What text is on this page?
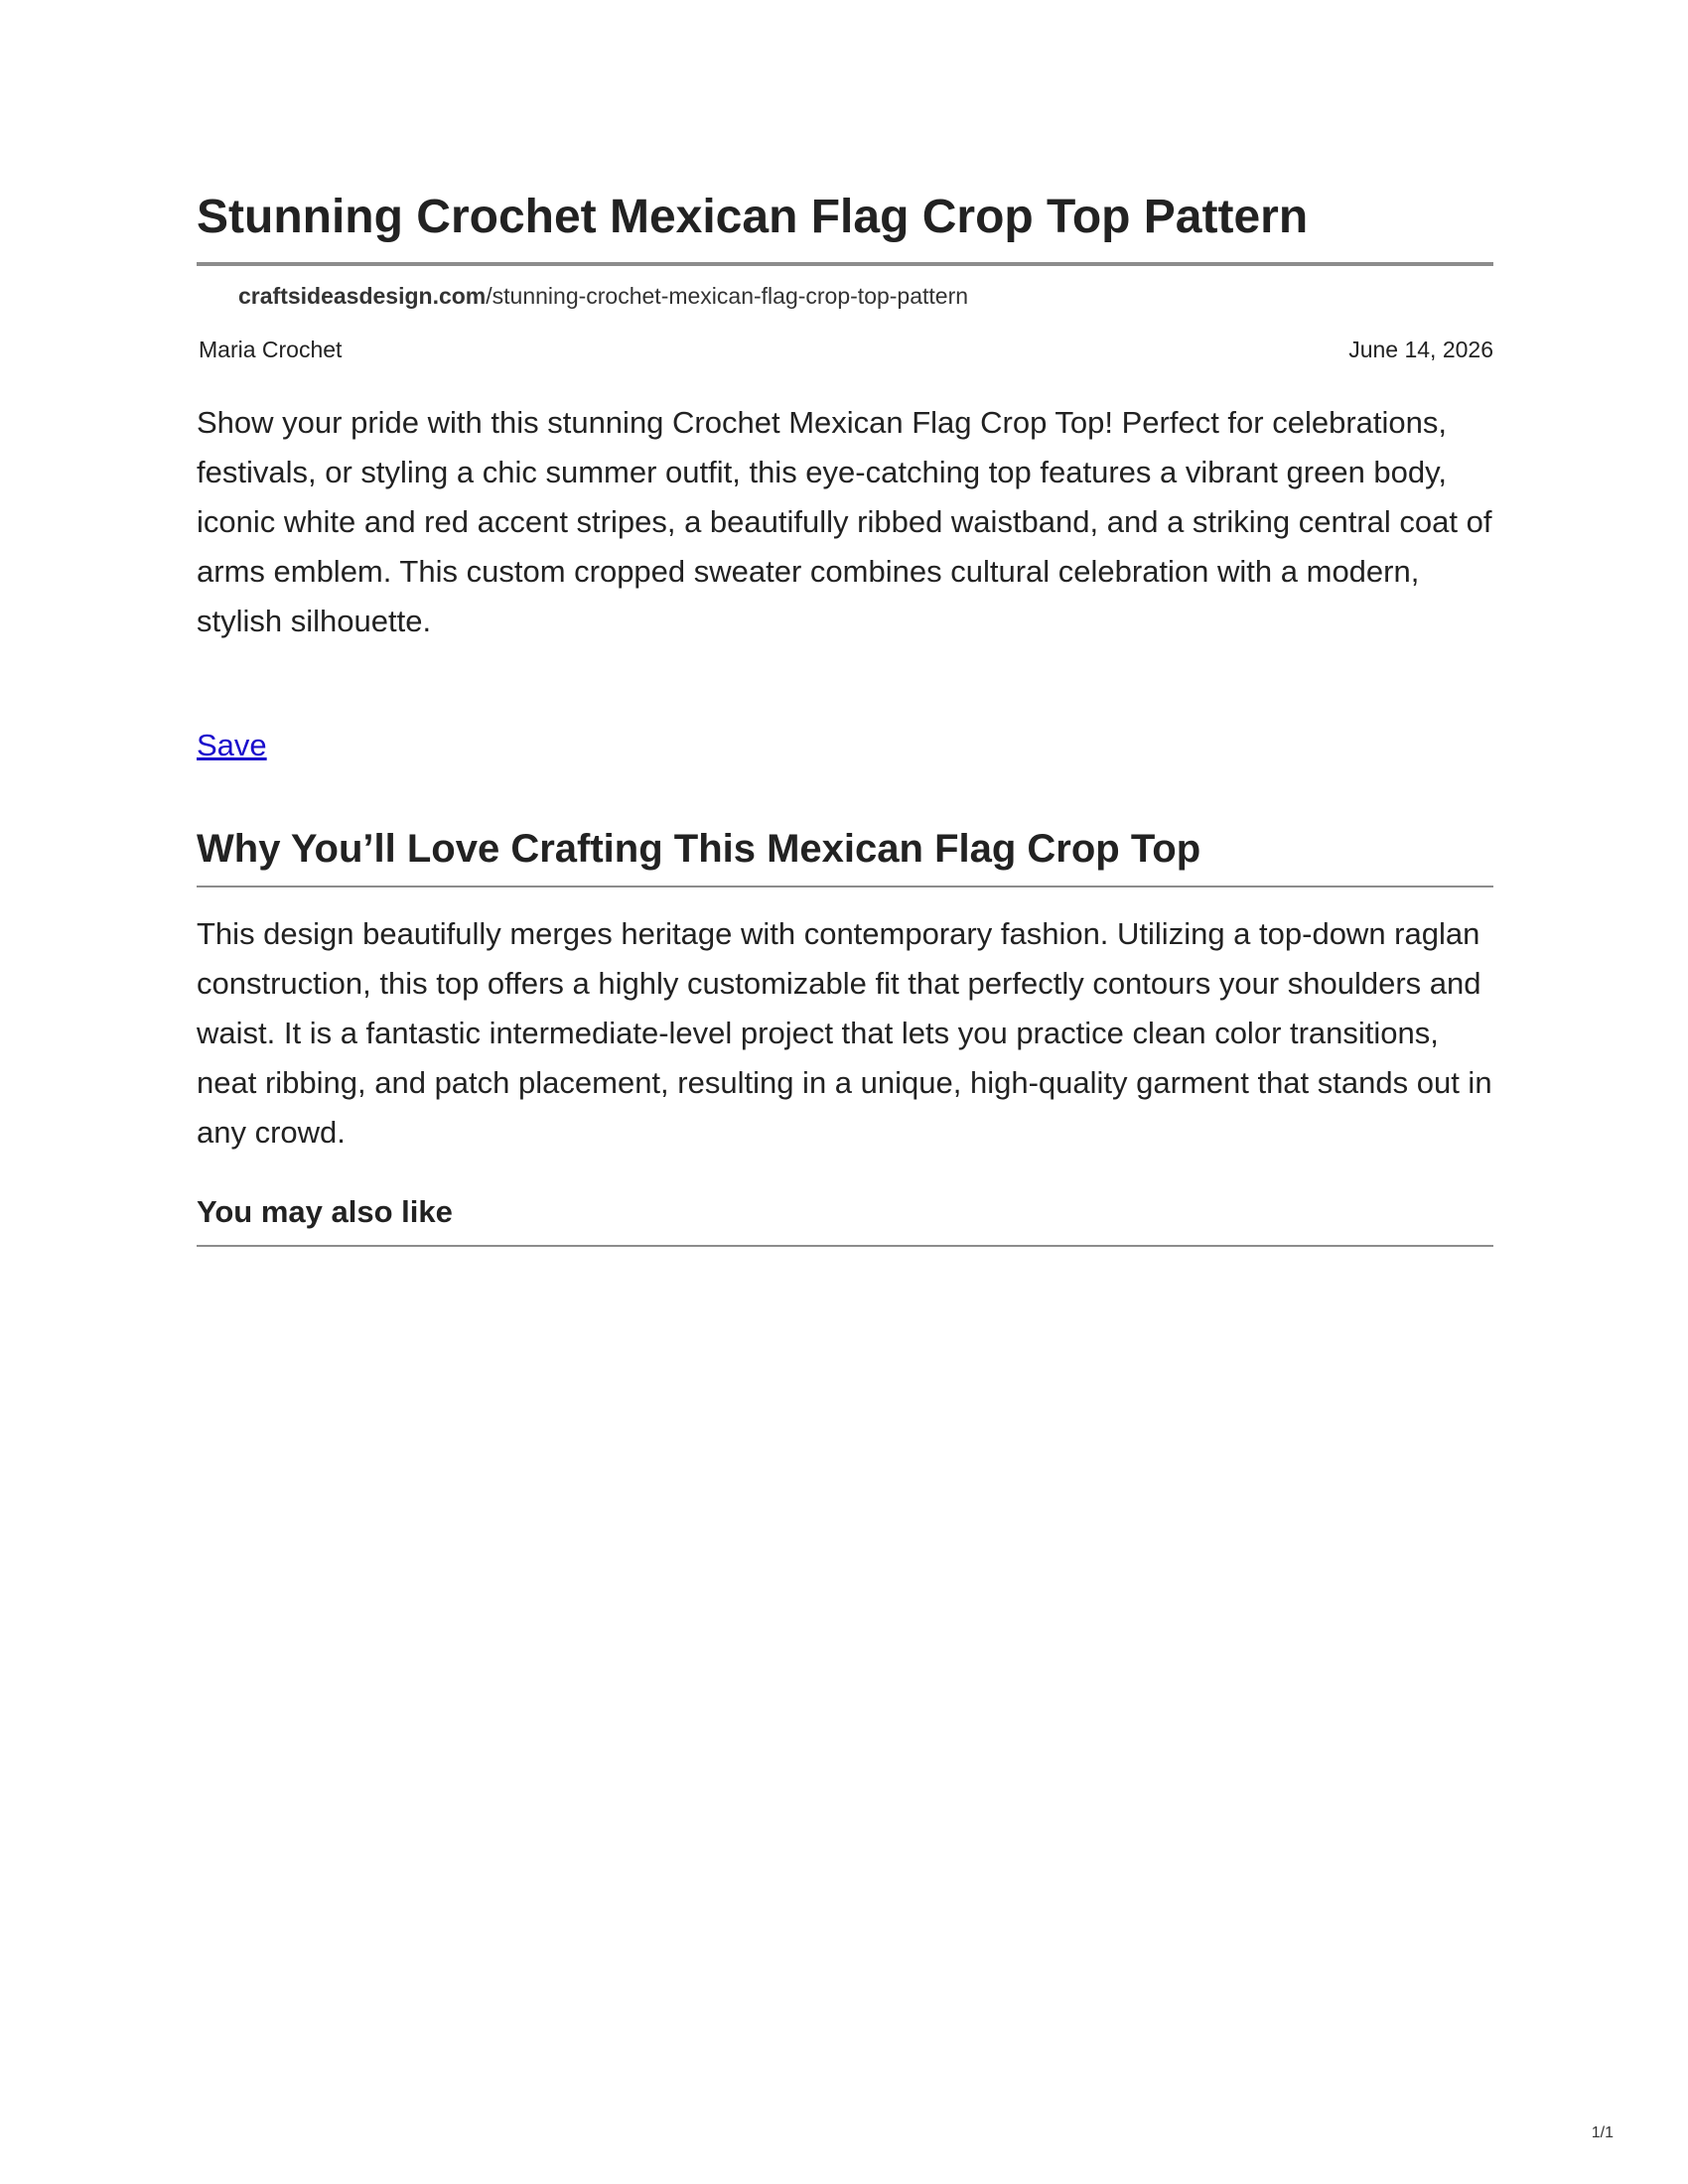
Stunning Crochet Mexican Flag Crop Top Pattern
craftsideasdesign.com/stunning-crochet-mexican-flag-crop-top-pattern
Maria Crochet	June 14, 2026

Show your pride with this stunning Crochet Mexican Flag Crop Top! Perfect for celebrations, festivals, or styling a chic summer outfit, this eye-catching top features a vibrant green body, iconic white and red accent stripes, a beautifully ribbed waistband, and a striking central coat of arms emblem. This custom cropped sweater combines cultural celebration with a modern, stylish silhouette.

Save
Why You’ll Love Crafting This Mexican Flag Crop Top

This design beautifully merges heritage with contemporary fashion. Utilizing a top-down raglan construction, this top offers a highly customizable fit that perfectly contours your shoulders and waist. It is a fantastic intermediate-level project that lets you practice clean color transitions, neat ribbing, and patch placement, resulting in a unique, high-quality garment that stands out in any crowd.

You may also like
1/1
